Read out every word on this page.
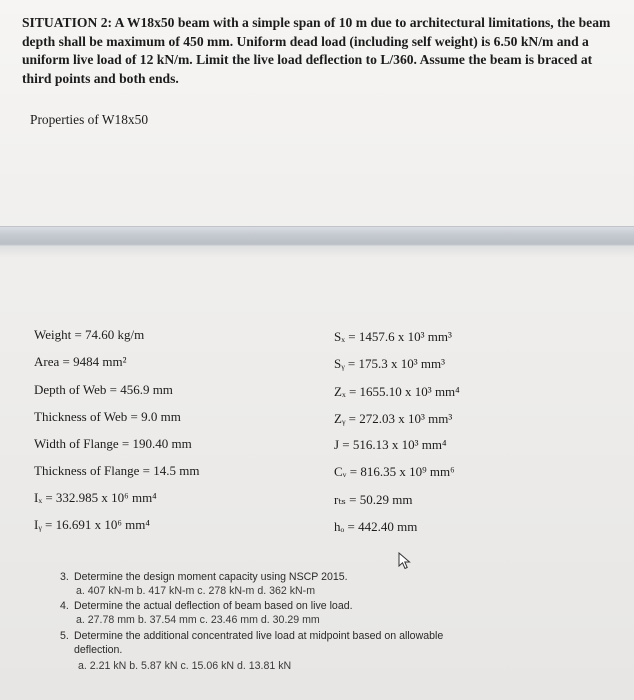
SITUATION 2: A W18x50 beam with a simple span of 10 m due to architectural limitations, the beam depth shall be maximum of 450 mm. Uniform dead load (including self weight) is 6.50 kN/m and a uniform live load of 12 kN/m. Limit the live load deflection to L/360. Assume the beam is braced at third points and both ends.
Properties of W18x50
Weight = 74.60 kg/m
Area = 9484 mm²
Depth of Web = 456.9 mm
Thickness of Web = 9.0 mm
Width of Flange = 190.40 mm
Thickness of Flange = 14.5 mm
Iₓ = 332.985 x 10⁶ mm⁴
Iᵧ = 16.691 x 10⁶ mm⁴
Sₓ = 1457.6 x 10³ mm³
Sᵧ = 175.3 x 10³ mm³
Zₓ = 1655.10 x 10³ mm⁴
Zᵧ = 272.03 x 10³ mm³
J = 516.13 x 10³ mm⁴
Cᵥ = 816.35 x 10⁹ mm⁶
rₜₛ = 50.29 mm
hₒ = 442.40 mm
3. Determine the design moment capacity using NSCP 2015.
a. 407 kN-m b. 417 kN-m c. 278 kN-m d. 362 kN-m
4. Determine the actual deflection of beam based on live load.
a. 27.78 mm b. 37.54 mm c. 23.46 mm d. 30.29 mm
5. Determine the additional concentrated live load at midpoint based on allowable
deflection.
a. 2.21 kN b. 5.87 kN c. 15.06 kN d. 13.81 kN
